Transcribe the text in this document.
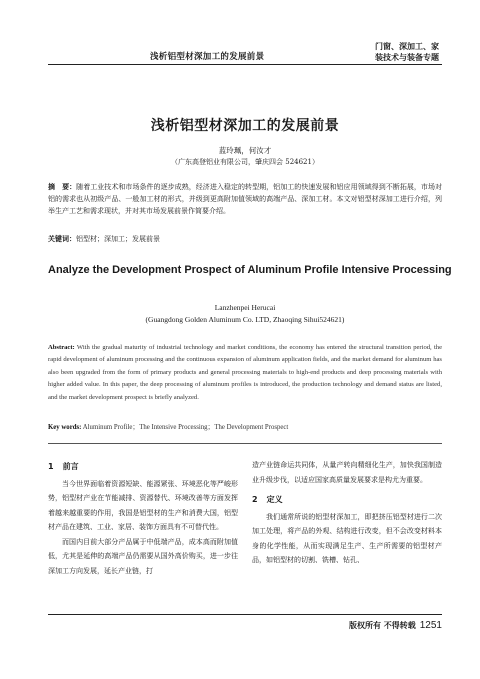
浅析铝型材深加工的发展前景
门窗、深加工、家
装技术与装备专题
浅析铝型材深加工的发展前景
蓝玲珮，何汝才
（广东高登铝业有限公司，肇庆四会 524621）
摘　要：随着工业技术和市场条件的逐步成熟，经济进入稳定的转型期，铝加工的快速发展和铝应用领域得到不断拓展，市场对铝的需求也从初级产品、一般加工材的形式，并级到更高附加值领域的高端产品、深加工材。本文对铝型材深加工进行介绍，列举生产工艺和需求现状，并对其市场发展前景作简要介绍。
关键词：铝型材；深加工；发展前景
Analyze the Development Prospect of Aluminum Profile Intensive Processing
Lanzhenpei Herucai
(Guangdong Golden Aluminum Co. LTD, Zhaoqing Sihui524621)
Abstract: With the gradual maturity of industrial technology and market conditions, the economy has entered the structural transition period, the rapid development of aluminum processing and the continuous expansion of aluminum application fields, and the market demand for aluminum has also been upgraded from the form of primary products and general processing materials to high-end products and deep processing materials with higher added value. In this paper, the deep processing of aluminum profiles is introduced, the production technology and demand status are listed, and the market development prospect is briefly analyzed.
Key words: Aluminum Profile；The Intensive Processing；The Development Prospect
1 前言

当今世界面临着资源短缺、能源紧张、环境恶化等严峻形势，铝型材产业在节能减排、资源替代、环境改善等方面发挥着越来越重要的作用，我国是铝型材的生产和消费大国，铝型材产品在建筑、工业、家居、装饰方面具有不可替代性。

而国内目前大部分产品属于中低端产品，成本高而附加值低，尤其是延伸的高端产品仍需要从国外高价购买，进一步往深加工方向发展，延长产业链，打

造产业链命运共同体，从量产转向精细化生产，加快我国制造业升级步伐，以适应国家高质量发展要求是构尤为重要。

2 定义

我们通常所说的铝型材深加工，即把挤压铝型材进行二次加工处理，将产品的外观、结构进行改变，但不会改变材料本身的化学性能，从而实现满足生产、生产所需要的铝型材产品，如铝型材的切割、铣槽、钻孔、

版权所有 不得转载 1251
